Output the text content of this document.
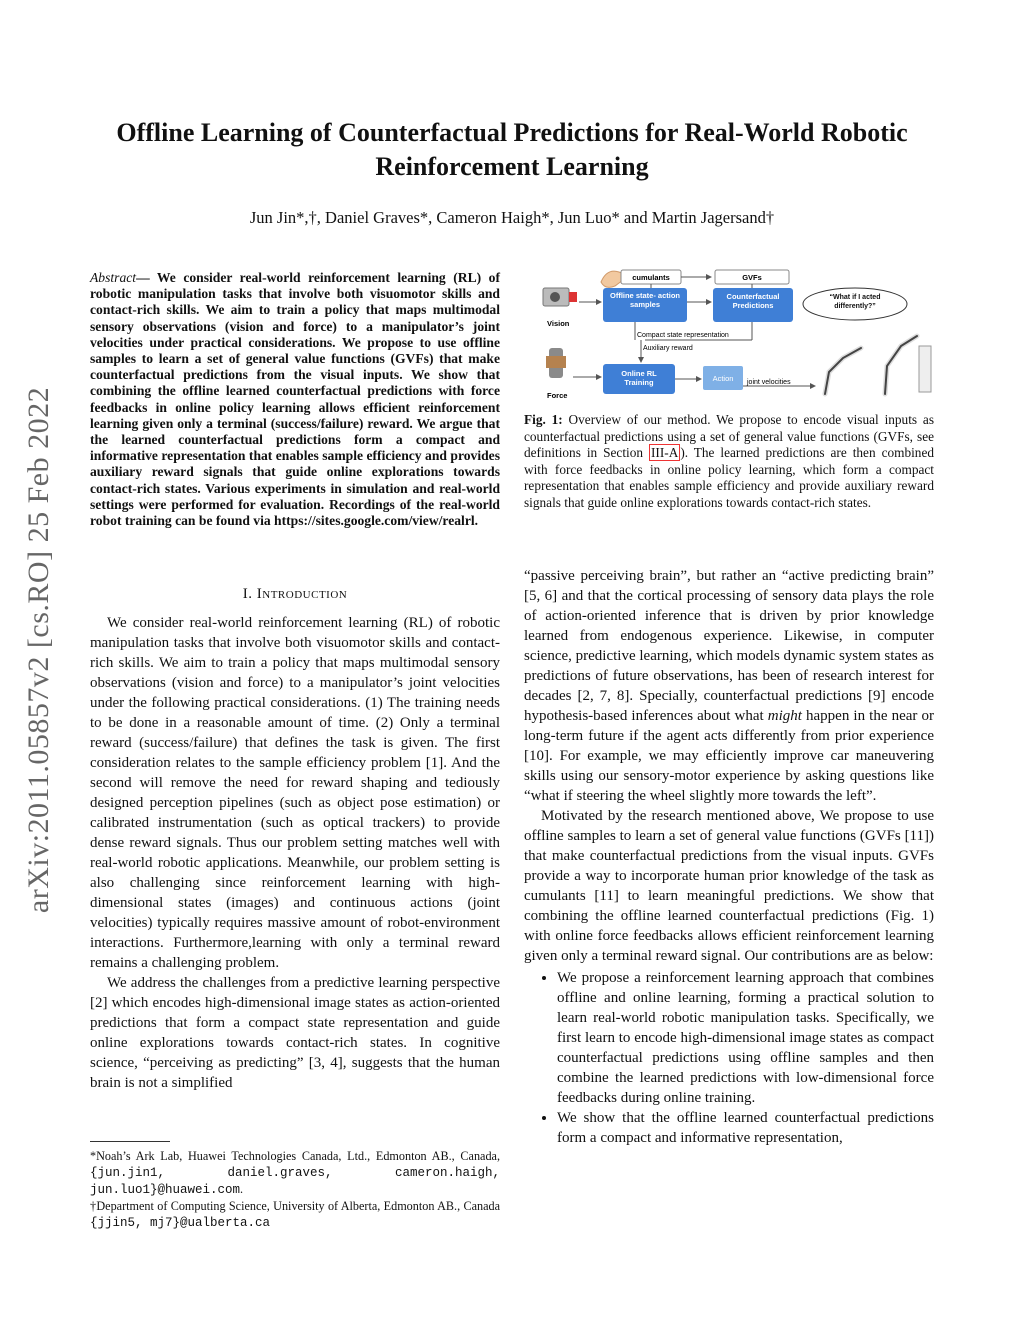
Offline Learning of Counterfactual Predictions for Real-World Robotic Reinforcement Learning
Jun Jin*,†, Daniel Graves*, Cameron Haigh*, Jun Luo* and Martin Jagersand†
arXiv:2011.05857v2 [cs.RO] 25 Feb 2022
Abstract— We consider real-world reinforcement learning (RL) of robotic manipulation tasks that involve both visuomotor skills and contact-rich skills. We aim to train a policy that maps multimodal sensory observations (vision and force) to a manipulator’s joint velocities under practical considerations. We propose to use offline samples to learn a set of general value functions (GVFs) that make counterfactual predictions from the visual inputs. We show that combining the offline learned counterfactual predictions with force feedbacks in online policy learning allows efficient reinforcement learning given only a terminal (success/failure) reward. We argue that the learned counterfactual predictions form a compact and informative representation that enables sample efficiency and provides auxiliary reward signals that guide online explorations towards contact-rich states. Various experiments in simulation and real-world settings were performed for evaluation. Recordings of the real-world robot training can be found via https://sites.google.com/view/realrl.
I. Introduction

We consider real-world reinforcement learning (RL) of robotic manipulation tasks that involve both visuomotor skills and contact-rich skills. We aim to train a policy that maps multimodal sensory observations (vision and force) to a manipulator’s joint velocities under the following practical considerations. (1) The training needs to be done in a reasonable amount of time. (2) Only a terminal reward (success/failure) that defines the task is given. The first consideration relates to the sample efficiency problem [1]. And the second will remove the need for reward shaping and tediously designed perception pipelines (such as object pose estimation) or calibrated instrumentation (such as optical trackers) to provide dense reward signals. Thus our problem setting matches well with real-world robotic applications. Meanwhile, our problem setting is also challenging since reinforcement learning with high-dimensional states (images) and continuous actions (joint velocities) typically requires massive amount of robot-environment interactions. Furthermore,learning with only a terminal reward remains a challenging problem.

We address the challenges from a predictive learning perspective [2] which encodes high-dimensional image states as action-oriented predictions that form a compact state representation and guide online explorations towards contact-rich states. In cognitive science, “perceiving as predicting” [3, 4], suggests that the human brain is not a simplified

*Noah’s Ark Lab, Huawei Technologies Canada, Ltd., Edmonton AB., Canada, {jun.jin1, daniel.graves, cameron.haigh, jun.luo1}@huawei.com.
†Department of Computing Science, University of Alberta, Edmonton AB., Canada {jjin5, mj7}@ualberta.ca
cumulants	GVFs
Vision
Offline state- action samples
Counterfactual Predictions
“What if I acted differently?”
Compact state representation
Auxiliary reward
Force
Online RL Training	Action joint velocities
Fig. 1: Overview of our method. We propose to encode visual inputs as counterfactual predictions using a set of general value functions (GVFs, see definitions in Section III-A ). The learned predictions are then combined with force feedbacks in online policy learning, which form a compact representation that enables sample efficiency and provide auxiliary reward signals that guide online explorations towards contact-rich states.

“passive perceiving brain”, but rather an “active predicting brain” [5, 6] and that the cortical processing of sensory data plays the role of action-oriented inference that is driven by prior knowledge learned from endogenous experience. Likewise, in computer science, predictive learning, which models dynamic system states as predictions of future observations, has been of research interest for decades [2, 7, 8]. Specially, counterfactual predictions [9] encode hypothesis-based inferences about what might happen in the near or long-term future if the agent acts differently from prior experience [10]. For example, we may efficiently improve car maneuvering skills using our sensory-motor experience by asking questions like “what if steering the wheel slightly more towards the left”.

Motivated by the research mentioned above, We propose to use offline samples to learn a set of general value functions (GVFs [11]) that make counterfactual predictions from the visual inputs. GVFs provide a way to incorporate human prior knowledge of the task as cumulants [11] to learn meaningful predictions. We show that combining the offline learned counterfactual predictions (Fig. 1) with online force feedbacks allows efficient reinforcement learning given only a terminal reward signal. Our contributions are as below:

• We propose a reinforcement learning approach that combines offline and online learning, forming a practical solution to learn real-world robotic manipulation tasks. Specifically, we first learn to encode high-dimensional image states as compact counterfactual predictions using offline samples and then combine the learned predictions with low-dimensional force feedbacks during online training.
• We show that the offline learned counterfactual predictions form a compact and informative representation,
